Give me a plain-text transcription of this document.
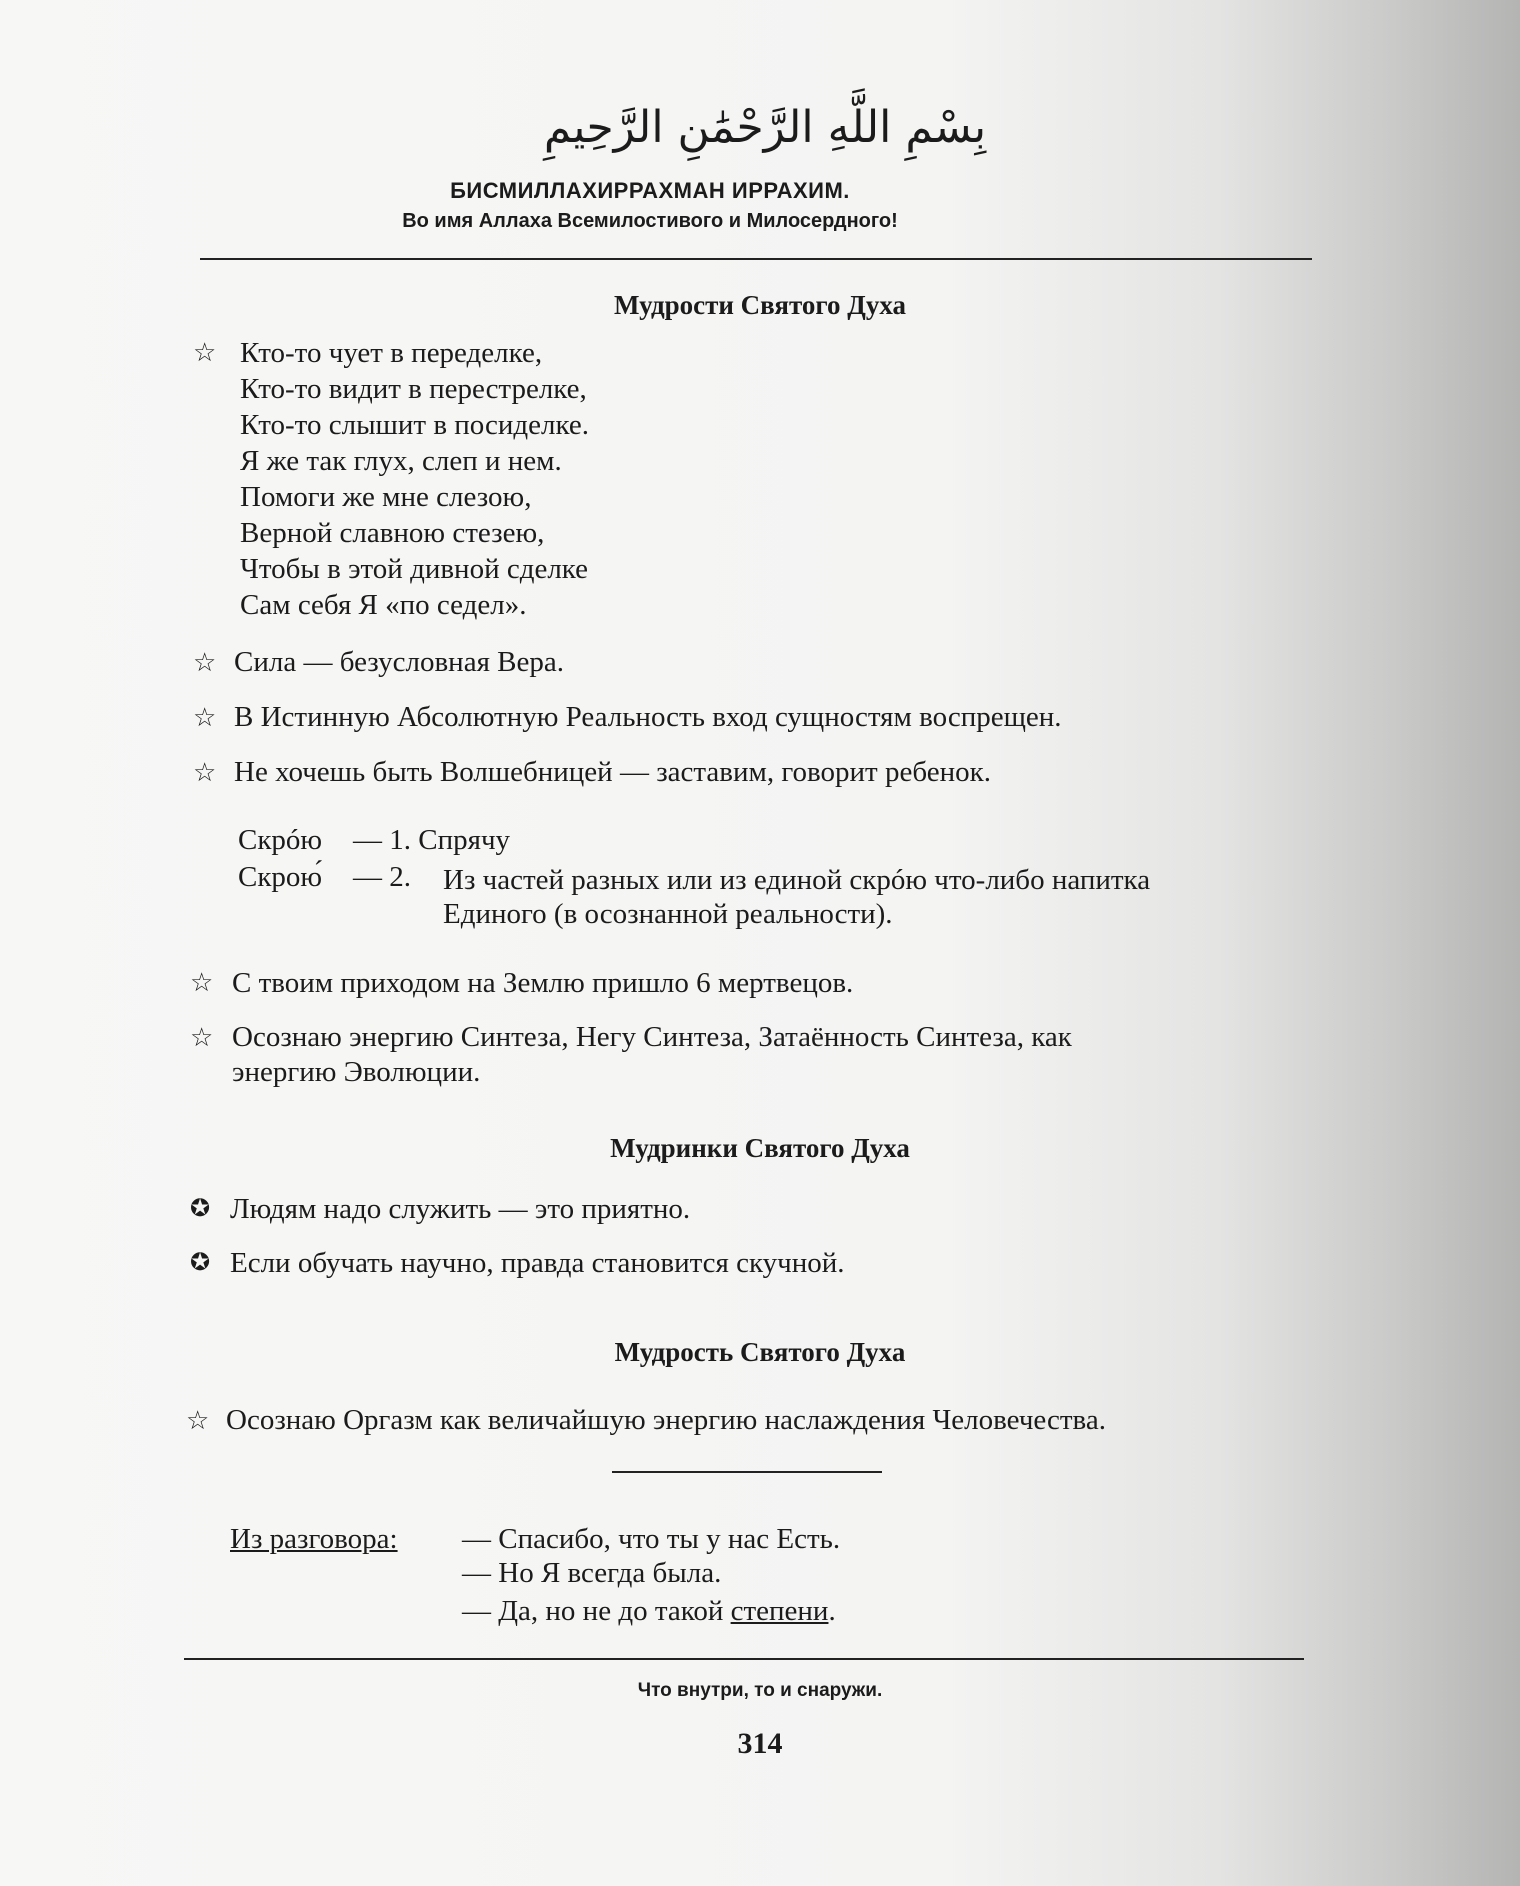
بِسْمِ اللَّهِ الرَّحْمَٰنِ الرَّحِيمِ
БИСМИЛЛАХИРРАХМАН ИРРАХИМ.
Во имя Аллаха Всемилостивого и Милосердного!
Мудрости Святого Духа
☆ Кто-то чует в переделке,
Кто-то видит в перестрелке,
Кто-то слышит в посиделке.
Я же так глух, слеп и нем.
Помоги же мне слезою,
Верной славною стезею,
Чтобы в этой дивной сделке
Сам себя Я «по седел».
☆ Сила — безусловная Вера.
☆ В Истинную Абсолютную Реальность вход сущностям воспрещен.
☆ Не хочешь быть Волшебницей — заставим, говорит ребенок.
Скрóю — 1. Спрячу
Скрою́ — 2. Из частей разных или из единой скрóю что-либо напитка
Единого (в осознанной реальности).
☆ С твоим приходом на Землю пришло 6 мертвецов.
☆ Осознаю энергию Синтеза, Негу Синтеза, Затаённость Синтеза, как
энергию Эволюции.
Мудринки Святого Духа
✪ Людям надо служить — это приятно.
✪ Если обучать научно, правда становится скучной.
Мудрость Святого Духа
☆ Осознаю Оргазм как величайшую энергию наслаждения Человечества.
Из разговора: — Спасибо, что ты у нас Есть.
— Но Я всегда была.
— Да, но не до такой степени.
Что внутри, то и снаружи.
314
